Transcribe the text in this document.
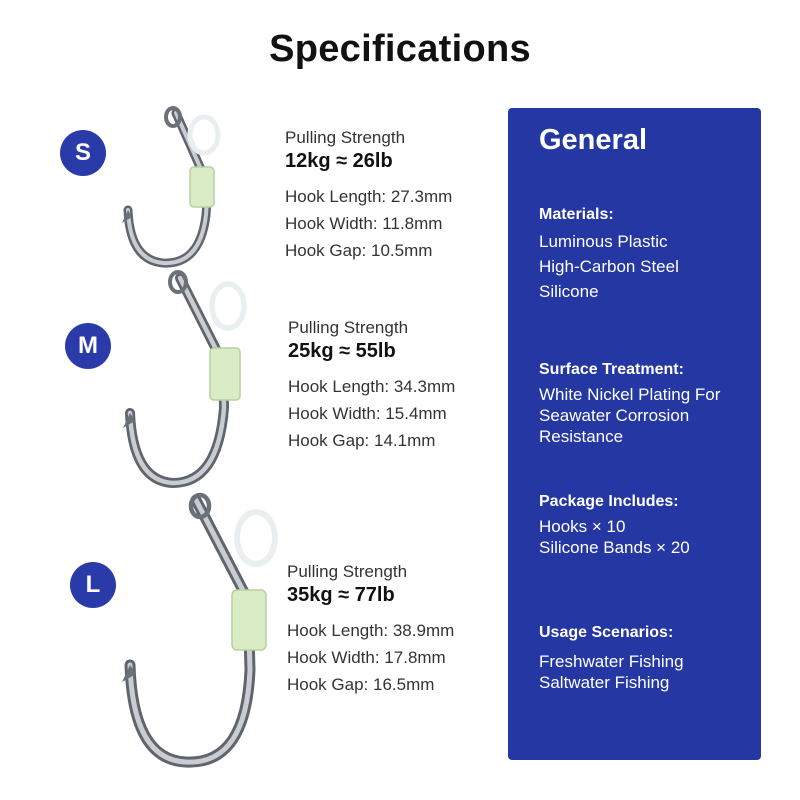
Specifications
S
Pulling Strength
12kg ≈ 26lb
Hook Length: 27.3mm
Hook Width: 11.8mm
Hook Gap: 10.5mm
M
Pulling Strength
25kg ≈ 55lb
Hook Length: 34.3mm
Hook Width: 15.4mm
Hook Gap: 14.1mm
L	Pulling Strength
35kg ≈ 77lb
Hook Length: 38.9mm
Hook Width: 17.8mm
Hook Gap: 16.5mm
General
Materials:
Luminous Plastic
High-Carbon Steel
Silicone
Surface Treatment:
White Nickel Plating For
Seawater Corrosion
Resistance
Package Includes:
Hooks × 10
Silicone Bands × 20
Usage Scenarios:
Freshwater Fishing
Saltwater Fishing
